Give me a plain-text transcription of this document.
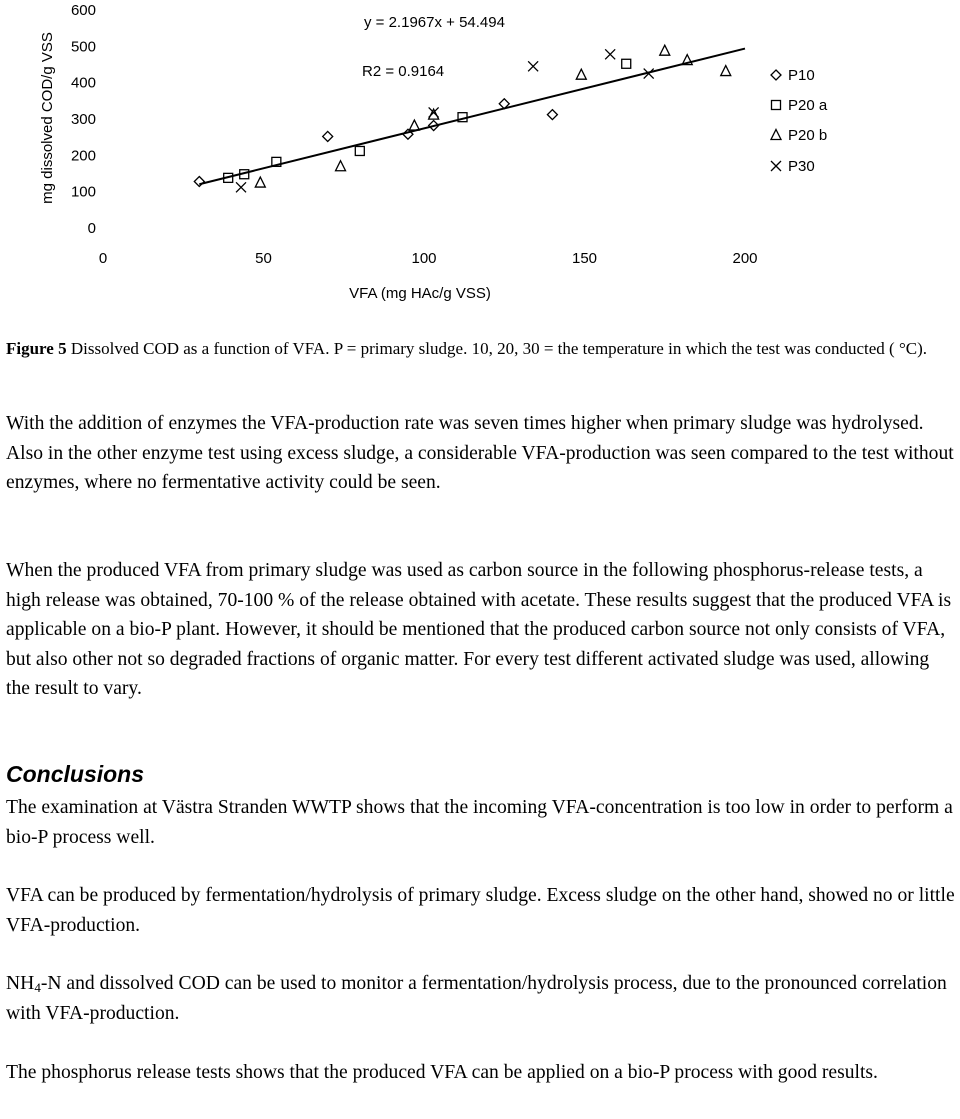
mg dissolved COD/g VSS
0
100
200
300
400
500
600
0	50	100	150	200
VFA (mg HAc/g VSS)
y = 2.1967x + 54.494
R2 = 0.9164	P10
P20 a
P20 b
P30

Figure 5 Dissolved COD as a function of VFA. P = primary sludge. 10, 20, 30 = the temperature in which the test was conducted ( °C).

With the addition of enzymes the VFA-production rate was seven times higher when primary sludge was hydrolysed. Also in the other enzyme test using excess sludge, a considerable VFA-production was seen compared to the test without enzymes, where no fermentative activity could be seen.

When the produced VFA from primary sludge was used as carbon source in the following phosphorus-release tests, a high release was obtained, 70-100 % of the release obtained with acetate. These results suggest that the produced VFA is applicable on a bio-P plant. However, it should be mentioned that the produced carbon source not only consists of VFA, but also other not so degraded fractions of organic matter. For every test different activated sludge was used, allowing the result to vary.

Conclusions

The examination at Västra Stranden WWTP shows that the incoming VFA-concentration is too low in order to perform a bio-P process well.

VFA can be produced by fermentation/hydrolysis of primary sludge. Excess sludge on the other hand, showed no or little VFA-production.

$NH_4-N$ and dissolved COD can be used to monitor a fermentation/hydrolysis process, due to the pronounced correlation with VFA-production.

The phosphorus release tests shows that the produced VFA can be applied on a bio-P process with good results.
